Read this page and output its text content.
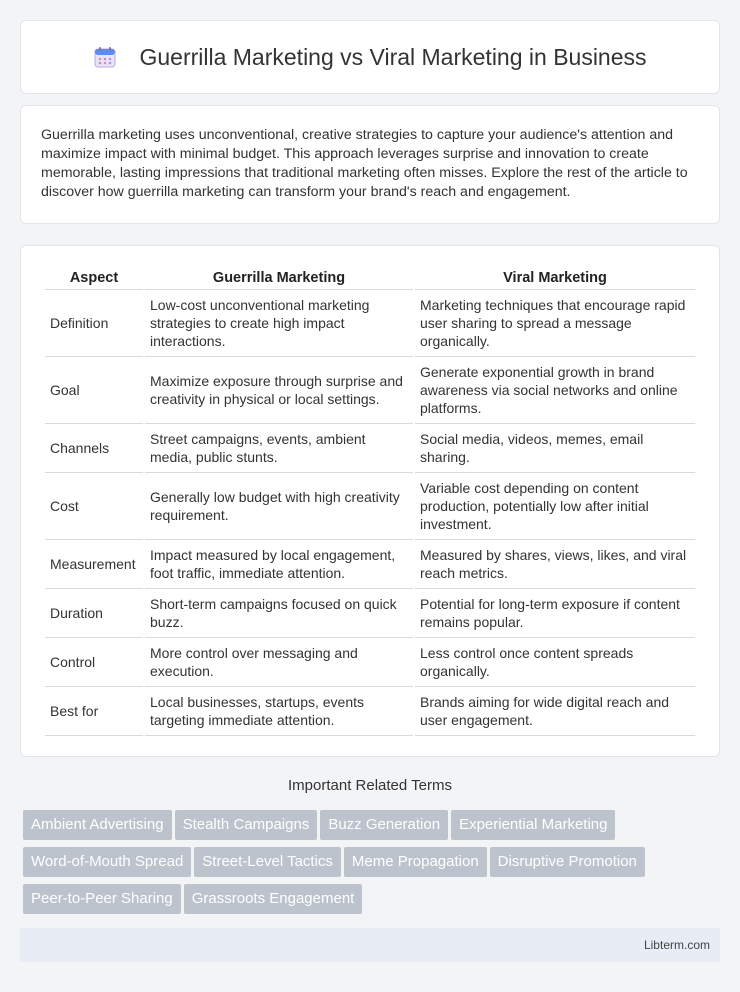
Guerrilla Marketing vs Viral Marketing in Business

Guerrilla marketing uses unconventional, creative strategies to capture your audience's attention and maximize impact with minimal budget. This approach leverages surprise and innovation to create memorable, lasting impressions that traditional marketing often misses. Explore the rest of the article to discover how guerrilla marketing can transform your brand's reach and engagement.

Aspect	Guerrilla Marketing	Viral Marketing
Definition	Low-cost unconventional marketing strategies to create high impact interactions.	Marketing techniques that encourage rapid user sharing to spread a message organically.
Goal	Maximize exposure through surprise and creativity in physical or local settings.	Generate exponential growth in brand awareness via social networks and online platforms.
Channels	Street campaigns, events, ambient media, public stunts.	Social media, videos, memes, email sharing.
Cost	Generally low budget with high creativity requirement.	Variable cost depending on content production, potentially low after initial investment.
Measurement	Impact measured by local engagement, foot traffic, immediate attention.	Measured by shares, views, likes, and viral reach metrics.
Duration	Short-term campaigns focused on quick buzz.	Potential for long-term exposure if content remains popular.
Control	More control over messaging and execution.	Less control once content spreads organically.
Best for	Local businesses, startups, events targeting immediate attention.	Brands aiming for wide digital reach and user engagement.
Important Related Terms
Ambient Advertising Stealth Campaigns Buzz Generation Experiential Marketing
Word-of-Mouth Spread Street-Level Tactics Meme Propagation Disruptive Promotion
Peer-to-Peer Sharing Grassroots Engagement
Libterm.com
